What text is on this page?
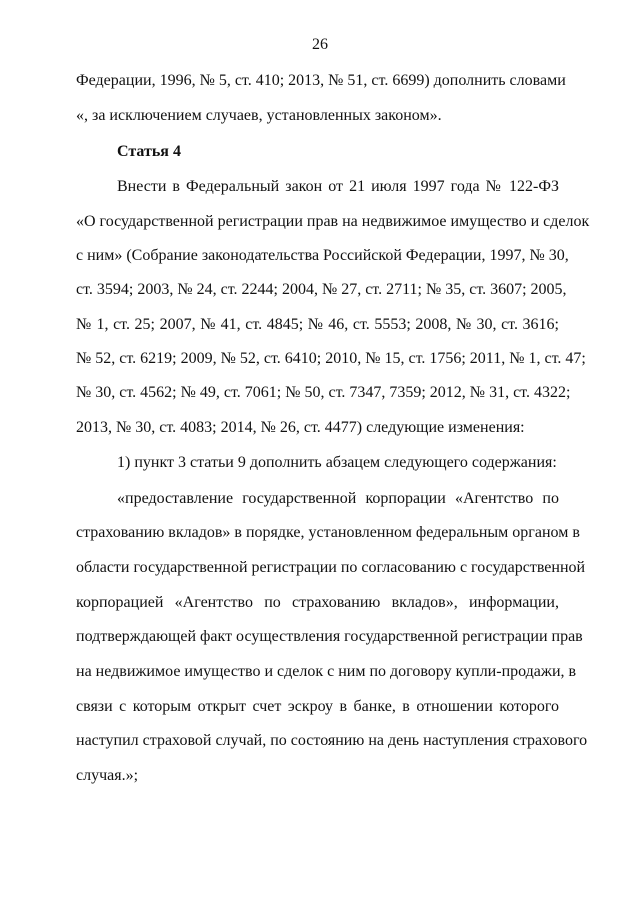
26
Федерации, 1996, № 5, ст. 410; 2013, № 51, ст. 6699) дополнить словами
«, за исключением случаев, установленных законом».
Статья 4
Внести в Федеральный закон от 21 июля 1997 года № 122-ФЗ
«О государственной регистрации прав на недвижимое имущество и сделок
с ним» (Собрание законодательства Российской Федерации, 1997, № 30,
ст. 3594; 2003, № 24, ст. 2244; 2004, № 27, ст. 2711; № 35, ст. 3607; 2005,
№ 1, ст. 25; 2007, № 41, ст. 4845; № 46, ст. 5553; 2008, № 30, ст. 3616;
№ 52, ст. 6219; 2009, № 52, ст. 6410; 2010, № 15, ст. 1756; 2011, № 1, ст. 47;
№ 30, ст. 4562; № 49, ст. 7061; № 50, ст. 7347, 7359; 2012, № 31, ст. 4322;
2013, № 30, ст. 4083; 2014, № 26, ст. 4477) следующие изменения:
1) пункт 3 статьи 9 дополнить абзацем следующего содержания:
«предоставление государственной корпорации «Агентство по
страхованию вкладов» в порядке, установленном федеральным органом в
области государственной регистрации по согласованию с государственной
корпорацией «Агентство по страхованию вкладов», информации,
подтверждающей факт осуществления государственной регистрации прав
на недвижимое имущество и сделок с ним по договору купли-продажи, в
связи с которым открыт счет эскроу в банке, в отношении которого
наступил страховой случай, по состоянию на день наступления страхового
случая.»;
